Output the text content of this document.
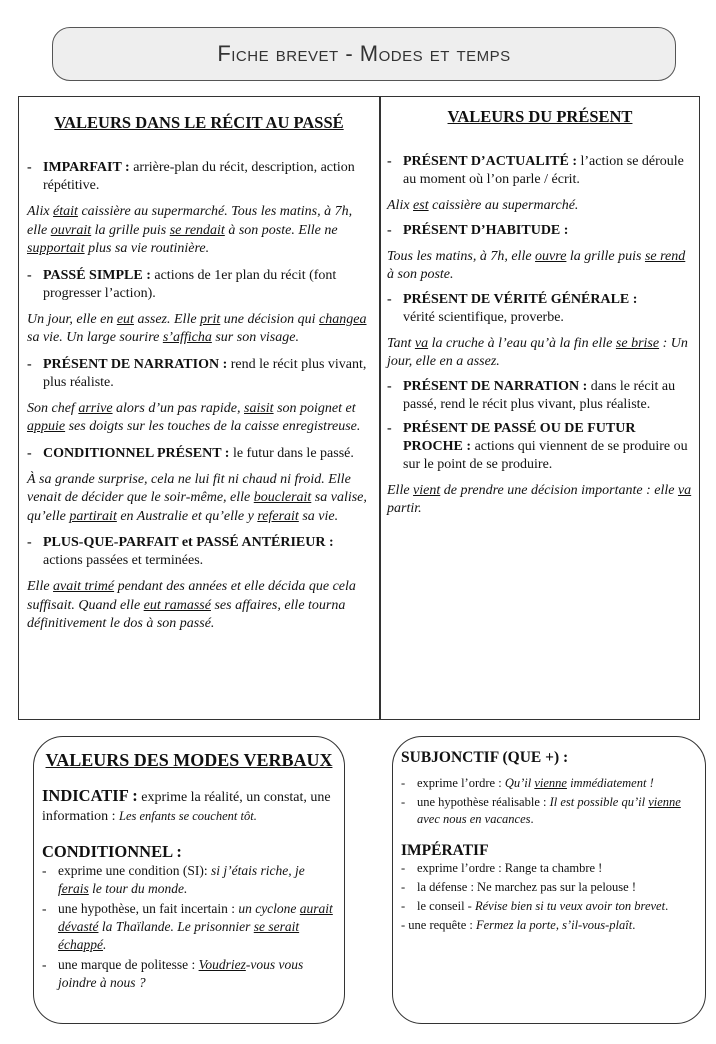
Fiche brevet - Modes et temps

VALEURS DANS LE RÉCIT AU PASSÉ

- IMPARFAIT : arrière-plan du récit, description, action répétitive.

Alix était caissière au supermarché. Tous les matins, à 7h, elle ouvrait la grille puis se rendait à son poste. Elle ne supportait plus sa vie routinière.

- PASSÉ SIMPLE : actions de 1er plan du récit (font progresser l’action).

Un jour, elle en eut assez. Elle prit une décision qui changea sa vie. Un large sourire s’afficha sur son visage.

- PRÉSENT DE NARRATION : rend le récit plus vivant, plus réaliste.

Son chef arrive alors d’un pas rapide, saisit son poignet et appuie ses doigts sur les touches de la caisse enregistreuse.

- CONDITIONNEL PRÉSENT : le futur dans le passé.

À sa grande surprise, cela ne lui fit ni chaud ni froid. Elle venait de décider que le soir-même, elle bouclerait sa valise, qu’elle partirait en Australie et qu’elle y referait sa vie.

- PLUS-QUE-PARFAIT et PASSÉ ANTÉRIEUR :
actions passées et terminées.

Elle avait trimé pendant des années et elle décida que cela suffisait. Quand elle eut ramassé ses affaires, elle tourna définitivement le dos à son passé.

VALEURS DU PRÉSENT

- PRÉSENT D’ACTUALITÉ : l’action se déroule au moment où l’on parle / écrit.

Alix est caissière au supermarché.

- PRÉSENT D’HABITUDE :

Tous les matins, à 7h, elle ouvre la grille puis se rend à son poste.

- PRÉSENT DE VÉRITÉ GÉNÉRALE :
vérité scientifique, proverbe.

Tant va la cruche à l’eau qu’à la fin elle se brise : Un jour, elle en a assez.

- PRÉSENT DE NARRATION : dans le récit au passé, rend le récit plus vivant, plus réaliste.
- PRÉSENT DE PASSÉ OU DE FUTUR PROCHE : actions qui viennent de se produire ou sur le point de se produire.

Elle vient de prendre une décision importante : elle va partir.

VALEURS DES MODES VERBAUX

INDICATIF : exprime la réalité, un constat, une information : Les enfants se couchent tôt.

CONDITIONNEL :

- exprime une condition (SI): si j’étais riche, je ferais le tour du monde.
- une hypothèse, un fait incertain : un cyclone aurait dévasté la Thaïlande. Le prisonnier se serait échappé.
- une marque de politesse : Voudriez-vous vous joindre à nous ?

SUBJONCTIF (QUE +) :

- exprime l’ordre : Qu’il vienne immédiatement !
- une hypothèse réalisable : Il est possible qu’il vienne avec nous en vacances.

IMPÉRATIF

- exprime l’ordre : Range ta chambre !
- la défense : Ne marchez pas sur la pelouse !
- le conseil - Révise bien si tu veux avoir ton brevet.
- une requête : Fermez la porte, s’il-vous-plaît.
